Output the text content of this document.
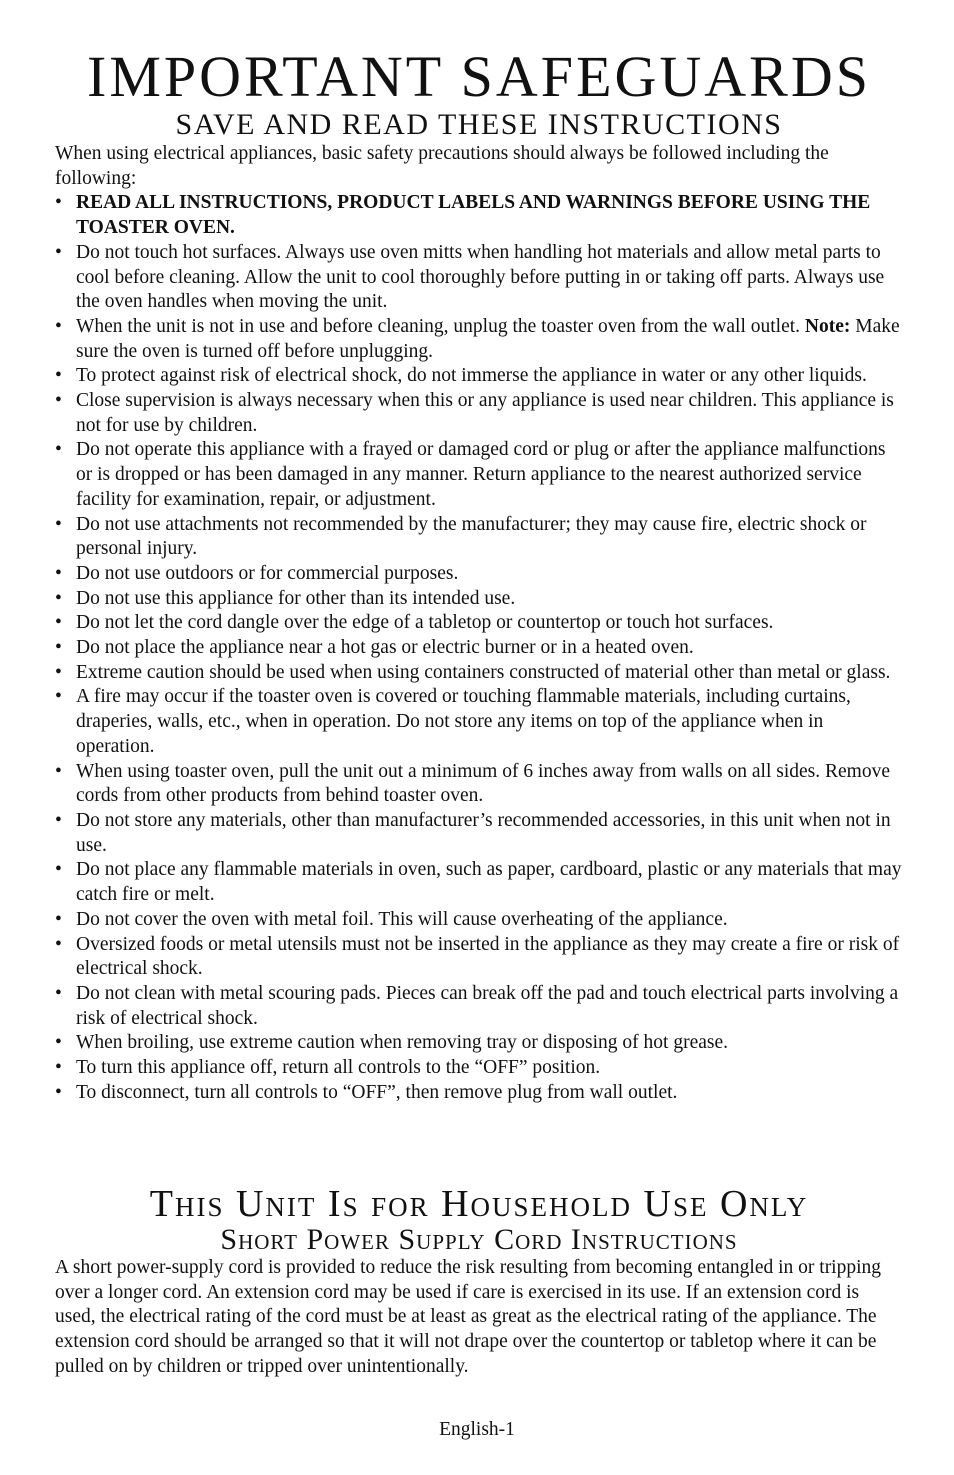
IMPORTANT SAFEGUARDS
SAVE AND READ THESE INSTRUCTIONS

When using electrical appliances, basic safety precautions should always be followed including the following:

• READ ALL INSTRUCTIONS, PRODUCT LABELS AND WARNINGS BEFORE USING THE TOASTER OVEN.
• Do not touch hot surfaces. Always use oven mitts when handling hot materials and allow metal parts to cool before cleaning. Allow the unit to cool thoroughly before putting in or taking off parts. Always use the oven handles when moving the unit.
• When the unit is not in use and before cleaning, unplug the toaster oven from the wall outlet. Note: Make sure the oven is turned off before unplugging.
• To protect against risk of electrical shock, do not immerse the appliance in water or any other liquids.
• Close supervision is always necessary when this or any appliance is used near children. This appliance is not for use by children.
• Do not operate this appliance with a frayed or damaged cord or plug or after the appliance malfunctions or is dropped or has been damaged in any manner. Return appliance to the nearest authorized service facility for examination, repair, or adjustment.
• Do not use attachments not recommended by the manufacturer; they may cause fire, electric shock or personal injury.
• Do not use outdoors or for commercial purposes.
• Do not use this appliance for other than its intended use.
• Do not let the cord dangle over the edge of a tabletop or countertop or touch hot surfaces.
• Do not place the appliance near a hot gas or electric burner or in a heated oven.
• Extreme caution should be used when using containers constructed of material other than metal or glass.
• A fire may occur if the toaster oven is covered or touching flammable materials, including curtains, draperies, walls, etc., when in operation. Do not store any items on top of the appliance when in operation.
• When using toaster oven, pull the unit out a minimum of 6 inches away from walls on all sides. Remove cords from other products from behind toaster oven.
• Do not store any materials, other than manufacturer’s recommended accessories, in this unit when not in use.
• Do not place any flammable materials in oven, such as paper, cardboard, plastic or any materials that may catch fire or melt.
• Do not cover the oven with metal foil. This will cause overheating of the appliance.
• Oversized foods or metal utensils must not be inserted in the appliance as they may create a fire or risk of electrical shock.
• Do not clean with metal scouring pads. Pieces can break off the pad and touch electrical parts involving a risk of electrical shock.
• When broiling, use extreme caution when removing tray or disposing of hot grease.
• To turn this appliance off, return all controls to the “OFF” position.
• To disconnect, turn all controls to “OFF”, then remove plug from wall outlet.
This Unit Is for Household Use Only
Short Power Supply Cord Instructions

A short power-supply cord is provided to reduce the risk resulting from becoming entangled in or tripping over a longer cord. An extension cord may be used if care is exercised in its use. If an extension cord is used, the electrical rating of the cord must be at least as great as the electrical rating of the appliance. The extension cord should be arranged so that it will not drape over the countertop or tabletop where it can be pulled on by children or tripped over unintentionally.

English-1
